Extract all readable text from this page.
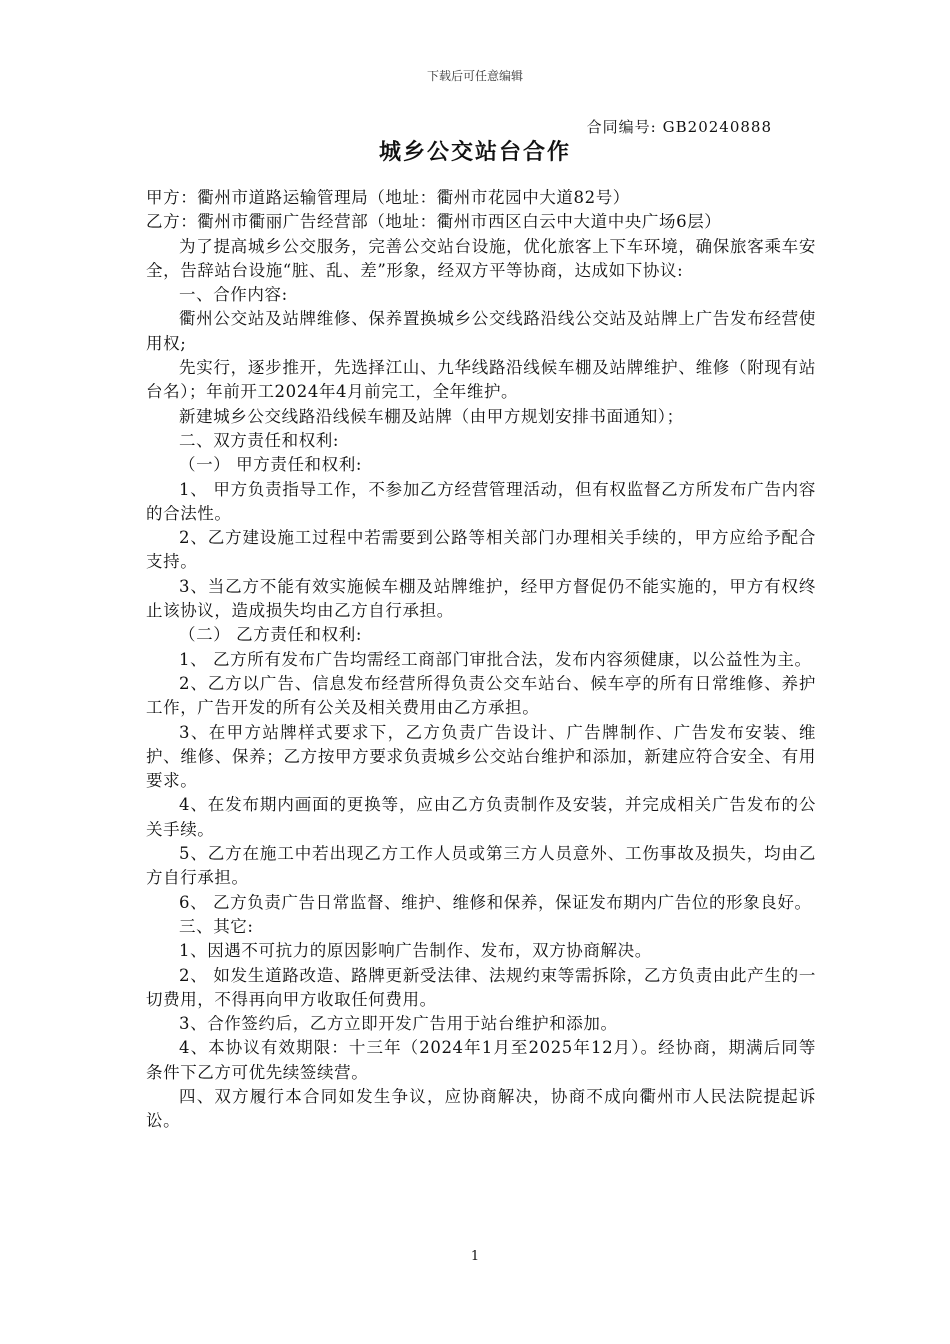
下载后可任意编辑
合同编号: GB20240888
城乡公交站台合作

甲方：衢州市道路运输管理局（地址：衢州市花园中大道82号）

乙方：衢州市衢丽广告经营部（地址：衢州市西区白云中大道中央广场6层）

为了提高城乡公交服务，完善公交站台设施，优化旅客上下车环境，确保旅客乘车安全，告辞站台设施“脏、乱、差”形象，经双方平等协商，达成如下协议:

一、合作内容:

衢州公交站及站牌维修、保养置换城乡公交线路沿线公交站及站牌上广告发布经营使用权;

先实行，逐步推开，先选择江山、九华线路沿线候车棚及站牌维护、维修（附现有站台名）；年前开工2024年4月前完工，全年维护。

新建城乡公交线路沿线候车棚及站牌（由甲方规划安排书面通知）；

二、双方责任和权利:

（一） 甲方责任和权利:

1、 甲方负责指导工作，不参加乙方经营管理活动，但有权监督乙方所发布广告内容的合法性。

2、乙方建设施工过程中若需要到公路等相关部门办理相关手续的，甲方应给予配合支持。

3、当乙方不能有效实施候车棚及站牌维护，经甲方督促仍不能实施的，甲方有权终止该协议，造成损失均由乙方自行承担。

（二） 乙方责任和权利:

1、 乙方所有发布广告均需经工商部门审批合法，发布内容须健康，以公益性为主。

2、乙方以广告、信息发布经营所得负责公交车站台、候车亭的所有日常维修、养护工作，广告开发的所有公关及相关费用由乙方承担。

3、在甲方站牌样式要求下，乙方负责广告设计、广告牌制作、广告发布安装、维护、维修、保养；乙方按甲方要求负责城乡公交站台维护和添加，新建应符合安全、有用要求。

4、在发布期内画面的更换等，应由乙方负责制作及安装，并完成相关广告发布的公关手续。

5、乙方在施工中若出现乙方工作人员或第三方人员意外、工伤事故及损失，均由乙方自行承担。

6、 乙方负责广告日常监督、维护、维修和保养，保证发布期内广告位的形象良好。

三、其它:

1、因遇不可抗力的原因影响广告制作、发布，双方协商解决。

2、 如发生道路改造、路牌更新受法律、法规约束等需拆除，乙方负责由此产生的一切费用，不得再向甲方收取任何费用。

3、合作签约后，乙方立即开发广告用于站台维护和添加。

4、本协议有效期限：十三年（2024年1月至2025年12月）。经协商，期满后同等条件下乙方可优先续签续营。

四、双方履行本合同如发生争议，应协商解决，协商不成向衢州市人民法院提起诉讼。

1
